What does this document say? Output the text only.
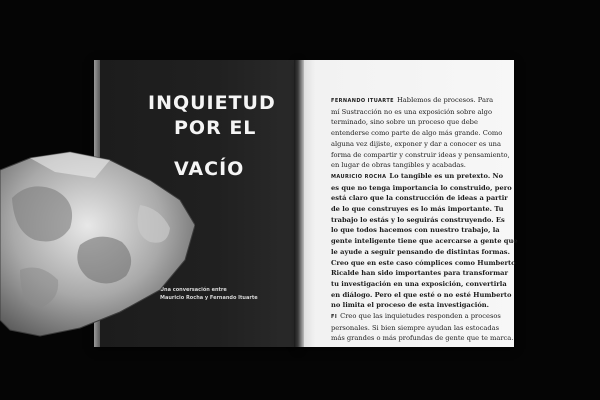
INQUIETUD
POR EL
VACÍO
Una conversación entre
Mauricio Rocha y Fernando Ituarte

FERNANDO ITUARTE Hablemos de procesos. Para

mí Sustracción no es una exposición sobre algo

terminado, sino sobre un proceso que debe

entenderse como parte de algo más grande. Como

alguna vez dijiste, exponer y dar a conocer es una

forma de compartir y construir ideas y pensamiento,

en lugar de obras tangibles y acabadas.

MAURICIO ROCHA Lo tangible es un pretexto. No

es que no tenga importancia lo construido, pero

está claro que la construcción de ideas a partir

de lo que construyes es lo más importante. Tu

trabajo lo estás y lo seguirás construyendo. Es

lo que todos hacemos con nuestro trabajo, la

gente inteligente tiene que acercarse a gente que

le ayude a seguir pensando de distintas formas.

Creo que en este caso cómplices como Humberto

Ricalde han sido importantes para transformar

tu investigación en una exposición, convertirla

en diálogo. Pero el que esté o no esté Humberto

no limita el proceso de esta investigación.

FI Creo que las inquietudes responden a procesos

personales. Si bien siempre ayudan las estocadas

más grandes o más profundas de gente que te marca.
